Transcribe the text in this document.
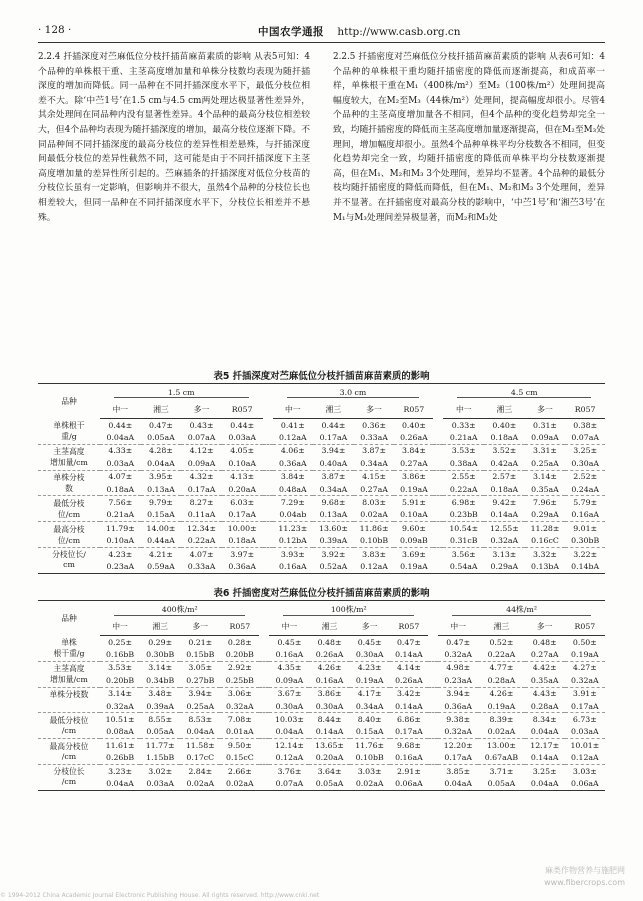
· 128 ·	中国农学通报 http://www.casb.org.cn
2.2.4 扦插深度对苎麻低位分枝扦插苗麻苗素质的影响 从表5可知：4个品种的单株根干重、主茎高度增加量和单株分枝数均表现为随扦插深度的增加而降低。同一品种在不同扦插深度水平下，最低分枝位相差不大。除‘中苎1号’在1.5 cm与4.5 cm两处理达极显著性差异外，其余处理间在同品种内没有显著性差异。4个品种的最高分枝位相差较大，但4个品种均表现为随扦插深度的增加，最高分枝位逐渐下降。不同品种间不同扦插深度的最高分枝位的差异性相差悬殊，与扦插深度间最低分枝位的差异性截然不同，这可能是由于不同扦插深度下主茎高度增加量的差异性所引起的。苎麻插条的扦插深度对低位分枝苗的分枝位长虽有一定影响，但影响并不很大，虽然4个品种的分枝位长也相差较大，但同一品种在不同扦插深度水平下，分枝位长相差并不悬殊。
2.2.5 扦插密度对苎麻低位分枝扦插苗麻苗素质的影响 从表6可知：4个品种的单株根干重均随扦插密度的降低而逐渐提高，和成苗率一样，单株根干重在M₁（400株/m²）至M₂（100株/m²）处理间提高幅度较大，在M₂至M₃（44株/m²）处理间，提高幅度却很小。尽管4个品种的主茎高度增加量各不相同，但4个品种的变化趋势却完全一致，均随扦插密度的降低而主茎高度增加量逐渐提高，但在M₂至M₃处理间，增加幅度却很小。虽然4个品种单株平均分枝数各不相同，但变化趋势却完全一致，均随扦插密度的降低而单株平均分枝数逐渐提高，但在M₁、M₂和M₃ 3个处理间，差异均不显著。4个品种的最低分枝均随扦插密度的降低而降低，但在M₁、M₂和M₃ 3个处理间，差异并不显著。在扦插密度对最高分枝的影响中，‘中苎1号’和‘湘苎3号’在M₁与M₃处理间差异极显著，而M₂和M₃处
表5 扦插深度对苎麻低位分枝扦插苗麻苗素质的影响
品种	1.5 cm					3.0 cm					4.5 cm			

	中一	湘三	多一	R057		中一	湘三	多一	R057		中一	湘三	多一	R057
单株根干	0.44±	0.47±	0.43±	0.44±		0.41±	0.44±	0.36±	0.40±		0.33±	0.40±	0.31±	0.38±
重/g	0.04aA	0.05aA	0.07aA	0.03aA		0.12aA	0.17aA	0.33aA	0.26aA		0.21aA	0.18aA	0.09aA	0.07aA
主茎高度	4.33±	4.28±	4.12±	4.05±		4.06±	3.94±	3.87±	3.84±		3.53±	3.52±	3.31±	3.25±
增加量/cm	0.03aA	0.04aA	0.09aA	0.10aA		0.36aA	0.40aA	0.34aA	0.27aA		0.38aA	0.42aA	0.25aA	0.30aA
单株分枝	4.07±	3.95±	4.32±	4.13±		3.84±	3.87±	4.15±	3.86±		2.55±	2.57±	3.14±	2.52±
数	0.18aA	0.13aA	0.17aA	0.20aA		0.48aA	0.34aA	0.27aA	0.19aA		0.22aA	0.18aA	0.35aA	0.24aA
最低分枝	7.56±	9.79±	8.27±	6.03±		7.29±	9.68±	8.03±	5.91±		6.98±	9.42±	7.96±	5.79±
位/cm	0.21aA	0.15aA	0.11aA	0.17aA		0.04ab	0.13aA	0.02aA	0.10aA		0.23bB	0.14aA	0.29aA	0.16aA
最高分枝	11.79±	14.00±	12.34±	10.00±		11.23±	13.60±	11.86±	9.60±		10.54±	12.55±	11.28±	9.01±
位/cm	0.10aA	0.44aA	0.22aA	0.18aA		0.12bA	0.39aA	0.10bB	0.09aB		0.31cB	0.32aA	0.16cC	0.30bB
分枝位长/	4.23±	4.21±	4.07±	3.97±		3.93±	3.92±	3.83±	3.69±		3.56±	3.13±	3.32±	3.22±
cm	0.23aA	0.59aA	0.33aA	0.36aA		0.16aA	0.52aA	0.12aA	0.19aA		0.54aA	0.29aA	0.13bA	0.14bA
表6 扦插密度对苎麻低位分枝扦插苗麻苗素质的影响
品种	400株/m²					100株/m²					44株/m²			

	中一	湘三	多一	R057		中一	湘三	多一	R057		中一	湘三	多一	R057
单株	0.25±	0.29±	0.21±	0.28±		0.45±	0.48±	0.45±	0.47±		0.47±	0.52±	0.48±	0.50±
根干重/g	0.16bB	0.30bB	0.15bB	0.20bB		0.16aA	0.26aA	0.30aA	0.14aA		0.32aA	0.22aA	0.27aA	0.19aA
主茎高度	3.53±	3.14±	3.05±	2.92±		4.35±	4.26±	4.23±	4.14±		4.98±	4.77±	4.42±	4.27±
增加量/cm	0.20bB	0.34bB	0.27bB	0.25bB		0.09aA	0.16aA	0.19aA	0.26aA		0.23aA	0.28aA	0.35aA	0.32aA
单株分枝数	3.14±	3.48±	3.94±	3.06±		3.67±	3.86±	4.17±	3.42±		3.94±	4.26±	4.43±	3.91±
	0.32aA	0.39aA	0.25aA	0.32aA		0.30aA	0.30aA	0.34aA	0.14aA		0.36aA	0.19aA	0.28aA	0.17aA
最低分枝位	10.51±	8.55±	8.53±	7.08±		10.03±	8.44±	8.40±	6.86±		9.38±	8.39±	8.34±	6.73±
/cm	0.08aA	0.05aA	0.04aA	0.01aA		0.04aA	0.14aA	0.15aA	0.17aA		0.32aA	0.02aA	0.04aA	0.03aA
最高分枝位	11.61±	11.77±	11.58±	9.50±		12.14±	13.65±	11.76±	9.68±		12.20±	13.00±	12.17±	10.01±
/cm	0.26bB	1.15bB	0.17cC	0.15cC		0.12aA	0.20aA	0.10bB	0.16aA		0.17aA	0.67aAB	0.14aA	0.12aA
分枝位长	3.23±	3.02±	2.84±	2.66±		3.76±	3.64±	3.03±	2.91±		3.85±	3.71±	3.25±	3.03±
/cm	0.04aA	0.03aA	0.02aA	0.02aA		0.07aA	0.05aA	0.02aA	0.06aA		0.04aA	0.05aA	0.04aA	0.06aA
麻类作物营养与施肥网
www.fibercrops.com
© 1994-2012 China Academic Journal Electronic Publishing House. All rights reserved. http://www.cnki.net
